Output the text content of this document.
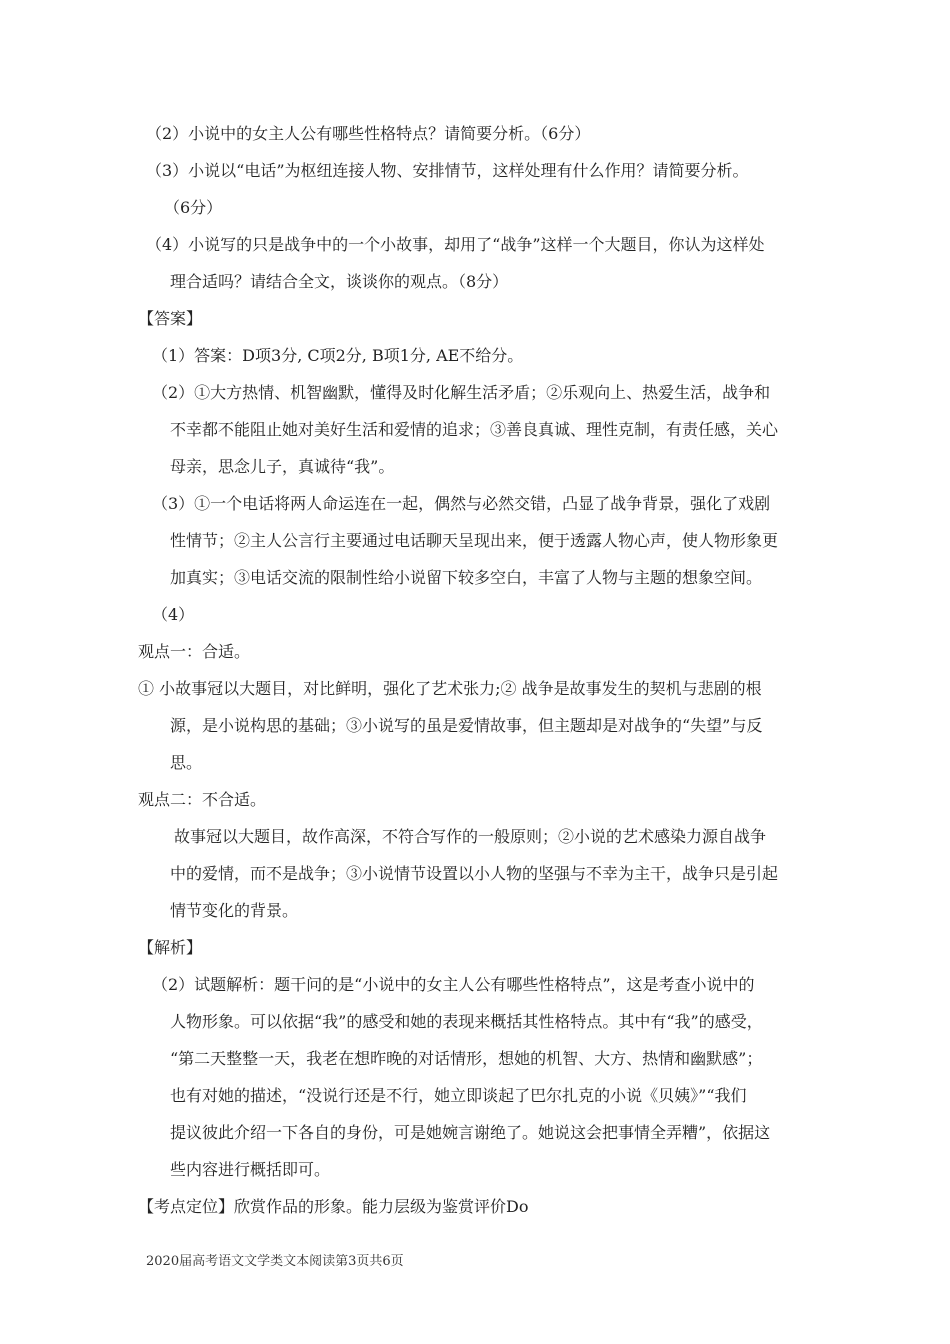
（2）小说中的女主人公有哪些性格特点？请简要分析。（6分）
（3）小说以“电话”为枢纽连接人物、安排情节，这样处理有什么作用？请简要分析。
（6分）
（4）小说写的只是战争中的一个小故事，却用了“战争”这样一个大题目，你认为这样处
理合适吗？请结合全文，谈谈你的观点。（8分）
【答案】
（1）答案：D项3分, C项2分, B项1分, AE不给分。
（2）①大方热情、机智幽默，懂得及时化解生活矛盾；②乐观向上、热爱生活，战争和
不幸都不能阻止她对美好生活和爱情的追求；③善良真诚、理性克制，有责任感，关心
母亲，思念儿子，真诚待“我”。
（3）①一个电话将两人命运连在一起，偶然与必然交错，凸显了战争背景，强化了戏剧
性情节；②主人公言行主要通过电话聊天呈现出来，便于透露人物心声，使人物形象更
加真实；③电话交流的限制性给小说留下较多空白，丰富了人物与主题的想象空间。
（4）
观点一：合适。
① 小故事冠以大题目，对比鲜明，强化了艺术张力;② 战争是故事发生的契机与悲剧的根
源，是小说构思的基础；③小说写的虽是爱情故事，但主题却是对战争的“失望”与反
思。
观点二：不合适。
故事冠以大题目，故作高深，不符合写作的一般原则；②小说的艺术感染力源自战争
中的爱情，而不是战争；③小说情节设置以小人物的坚强与不幸为主干，战争只是引起
情节变化的背景。
【解析】
（2）试题解析：题干问的是“小说中的女主人公有哪些性格特点”，这是考查小说中的
人物形象。可以依据“我”的感受和她的表现来概括其性格特点。其中有“我”的感受，
“第二天整整一天，我老在想昨晚的对话情形，想她的机智、大方、热情和幽默感”；
也有对她的描述，“没说行还是不行，她立即谈起了巴尔扎克的小说《贝姨》”“我们
提议彼此介绍一下各自的身份，可是她婉言谢绝了。她说这会把事情全弄糟”，依据这
些内容进行概括即可。
【考点定位】欣赏作品的形象。能力层级为鉴赏评价Do
2020届高考语文文学类文本阅读第3页共6页
